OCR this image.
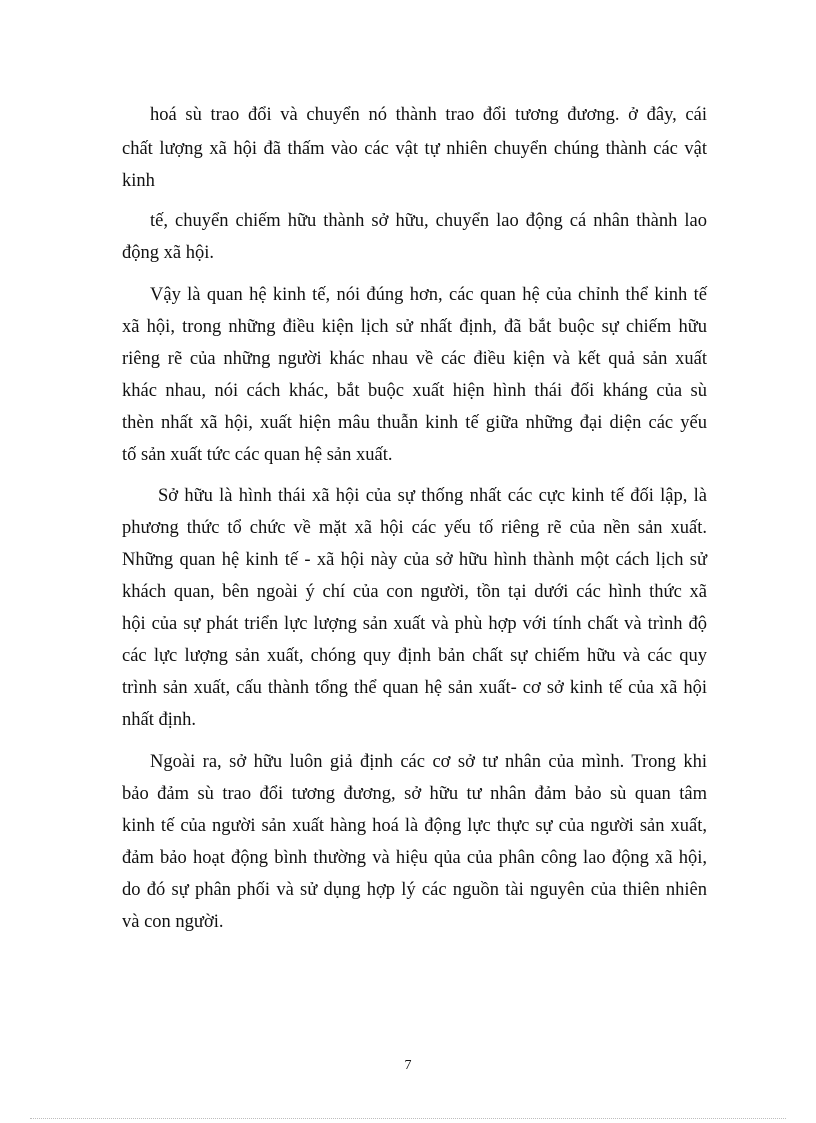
hoá sù trao đổi và chuyển nó thành trao đổi tương đương. ở đây, cái
chất lượng xã hội đã thấm vào các vật tự nhiên chuyển chúng thành các vật
kinh
tế, chuyển chiếm hữu thành sở hữu, chuyển lao động cá nhân thành lao
động xã hội.
Vậy là quan hệ kinh tế, nói đúng hơn, các quan hệ của chỉnh thể kinh tế
xã hội, trong những điều kiện lịch sử nhất định, đã bắt buộc sự chiếm hữu
riêng rẽ của những người khác nhau về các điều kiện và kết quả sản xuất
khác nhau, nói cách khác, bắt buộc xuất hiện hình thái đối kháng của sù
thèn nhất xã hội, xuất hiện mâu thuẫn kinh tế giữa những đại diện các yếu
tố sản xuất tức các quan hệ sản xuất.
Sở hữu là hình thái xã hội của sự thống nhất các cực kinh tế đối lập, là
phương thức tổ chức về mặt xã hội các yếu tố riêng rẽ của nền sản xuất.
Những quan hệ kinh tế - xã hội này của sở hữu hình thành một cách lịch sử
khách quan, bên ngoài ý chí của con người, tồn tại dưới các hình thức xã
hội của sự phát triển lực lượng sản xuất và phù hợp với tính chất và trình độ
các lực lượng sản xuất, chóng quy định bản chất sự chiếm hữu và các quy
trình sản xuất, cấu thành tổng thể quan hệ sản xuất- cơ sở kinh tế của xã hội
nhất định.
Ngoài ra, sở hữu luôn giả định các cơ sở tư nhân của mình. Trong khi
bảo đảm sù trao đổi tương đương, sở hữu tư nhân đảm bảo sù quan tâm
kinh tế của người sản xuất hàng hoá là động lực thực sự của người sản xuất,
đảm bảo hoạt động bình thường và hiệu qủa của phân công lao động xã hội,
do đó sự phân phối và sử dụng hợp lý các nguồn tài nguyên của thiên nhiên
và con người.
7
